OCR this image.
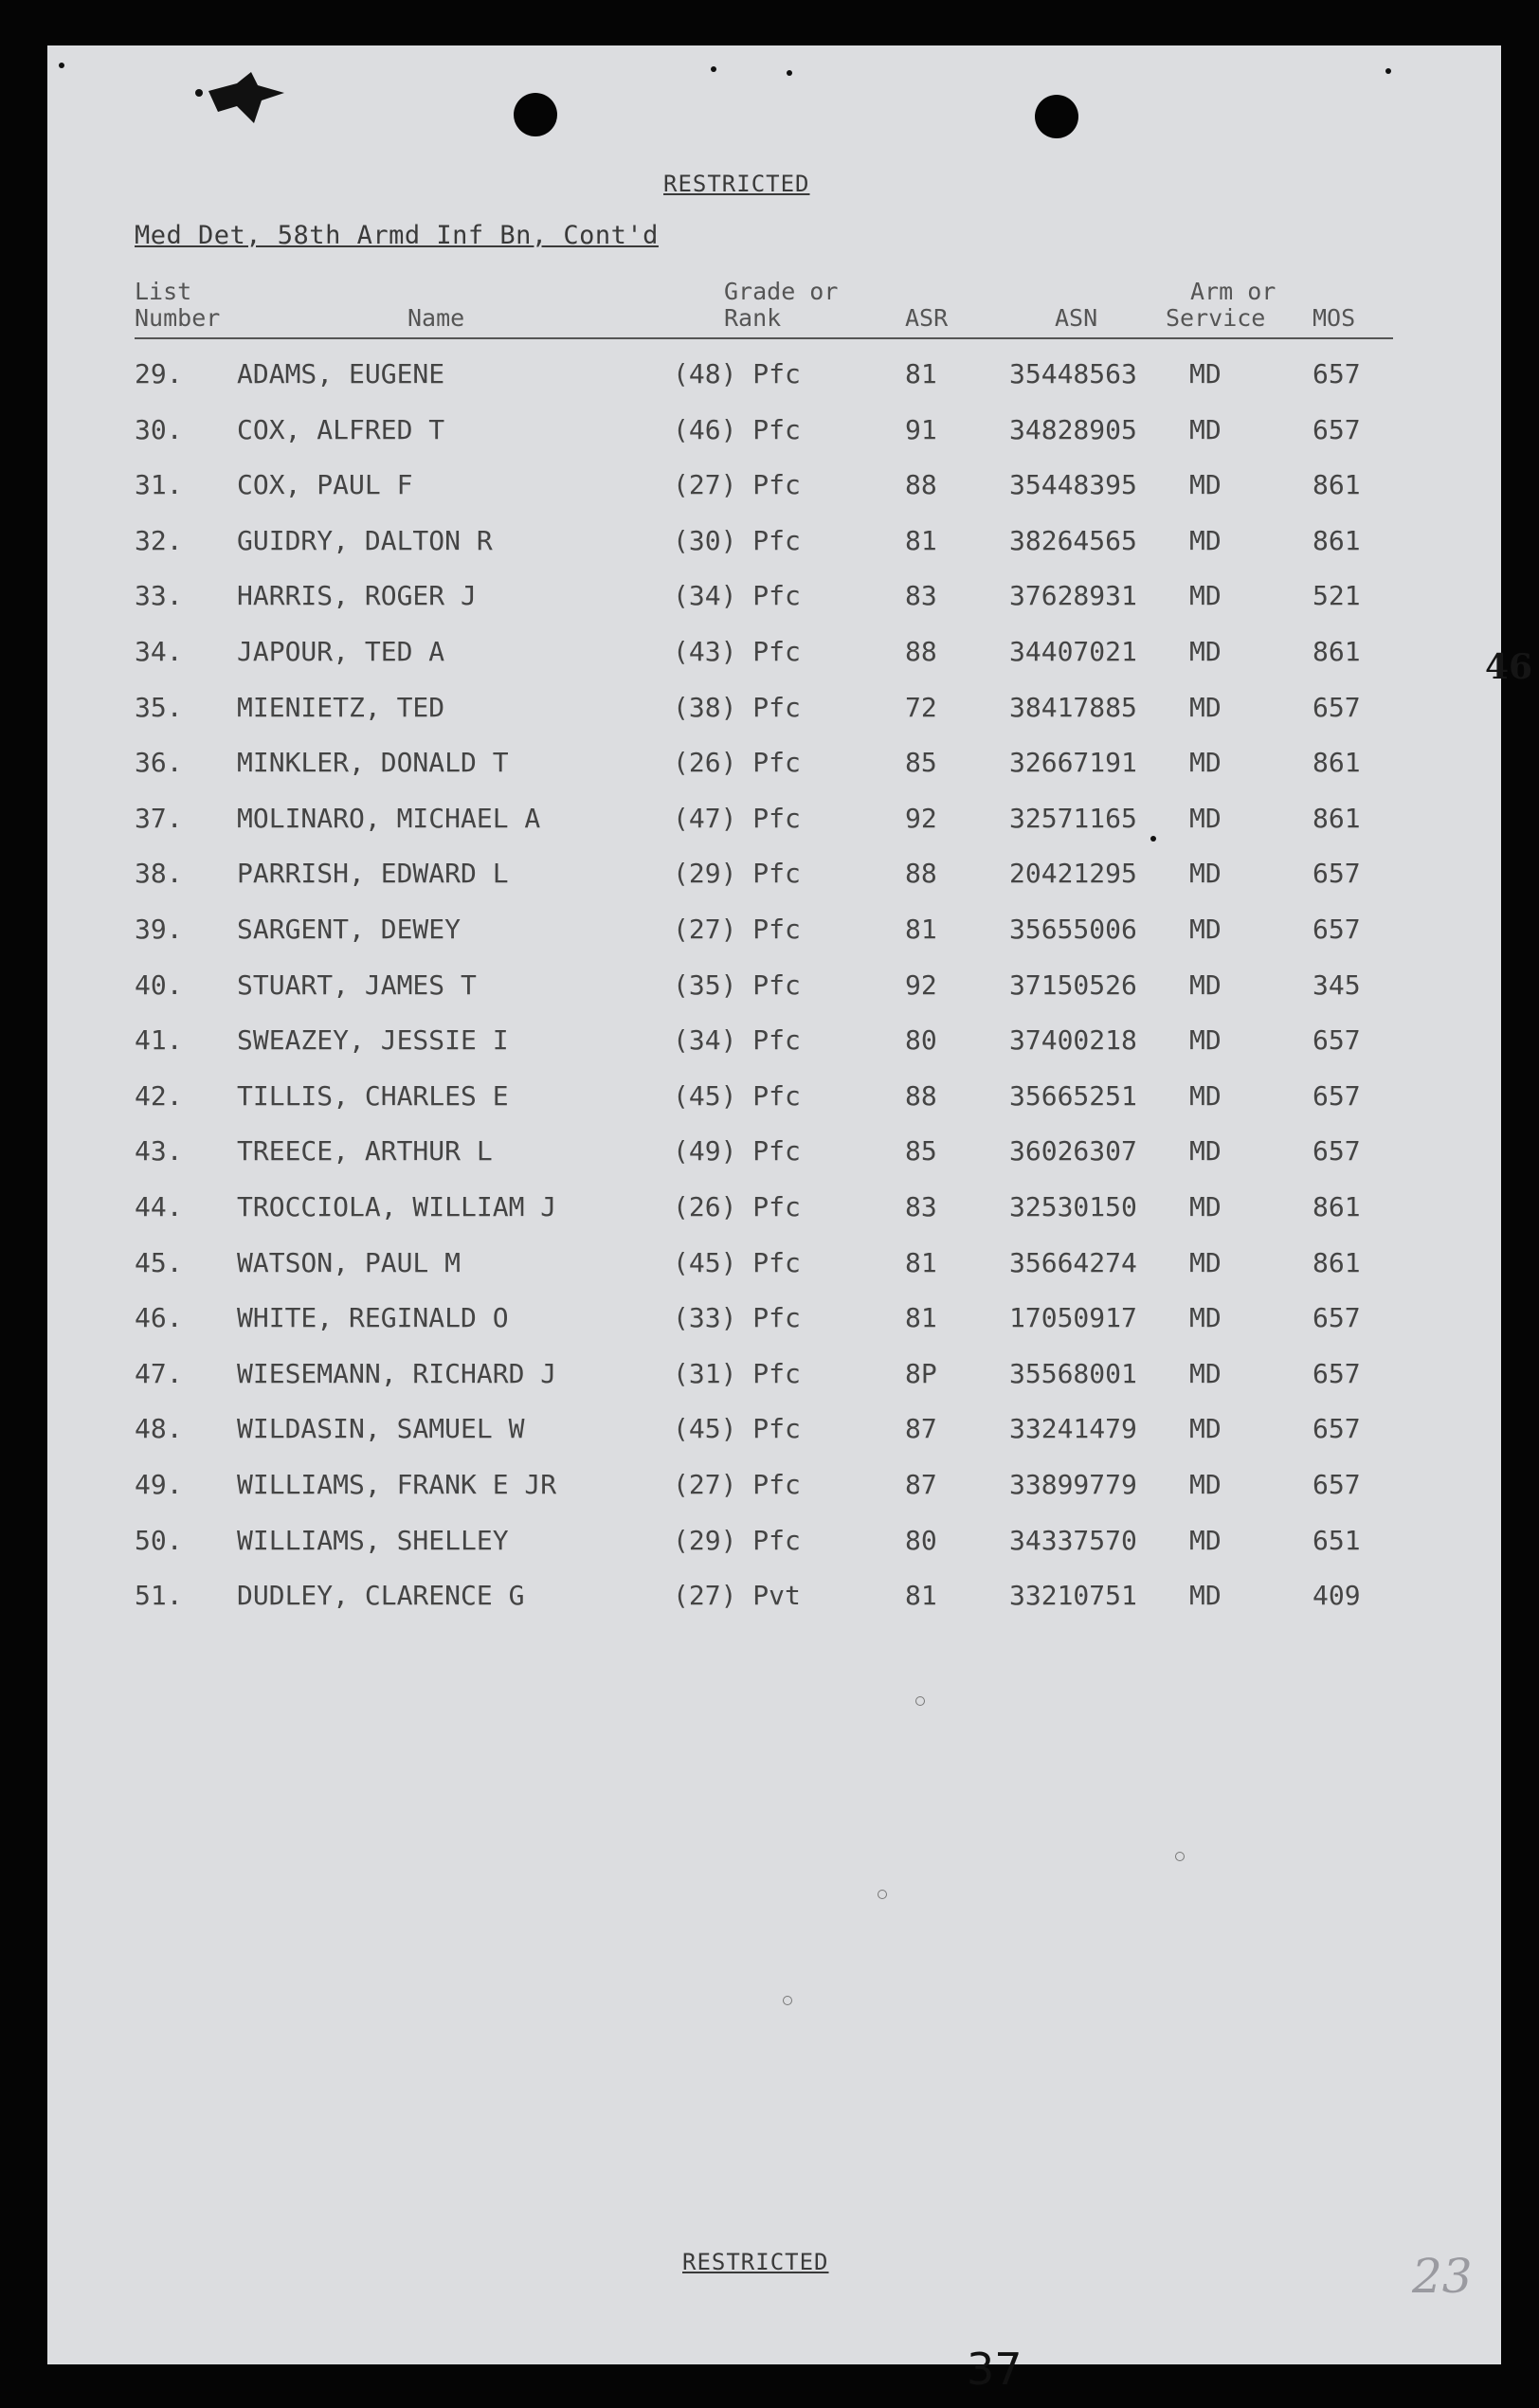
RESTRICTED
Med Det, 58th Armd Inf Bn, Cont'd
List
Number	Name
Grade or
Rank	ASR	ASN
Arm or
Service	MOS
29. ADAMS, EUGENE	(48) Pfc	81	35448563 MD	657
30. COX, ALFRED T	(46) Pfc	91	34828905 MD	657
31. COX, PAUL F	(27) Pfc	88	35448395 MD	861
32. GUIDRY, DALTON R	(30) Pfc	81	38264565 MD	861
33. HARRIS, ROGER J	(34) Pfc	83	37628931 MD	521
34. JAPOUR, TED A	(43) Pfc	88	34407021 MD	861
35. MIENIETZ, TED	(38) Pfc	72	38417885 MD	657
36. MINKLER, DONALD T	(26) Pfc	85	32667191 MD	861
37. MOLINARO, MICHAEL A	(47) Pfc	92	32571165 MD	861
38. PARRISH, EDWARD L	(29) Pfc	88	20421295 MD	657
39. SARGENT, DEWEY	(27) Pfc	81	35655006 MD	657
40. STUART, JAMES T	(35) Pfc	92	37150526 MD	345
41. SWEAZEY, JESSIE I	(34) Pfc	80	37400218 MD	657
42. TILLIS, CHARLES E	(45) Pfc	88	35665251 MD	657
43. TREECE, ARTHUR L	(49) Pfc	85	36026307 MD	657
44. TROCCIOLA, WILLIAM J	(26) Pfc	83	32530150 MD	861
45. WATSON, PAUL M	(45) Pfc	81	35664274 MD	861
46. WHITE, REGINALD O	(33) Pfc	81	17050917 MD	657
47. WIESEMANN, RICHARD J	(31) Pfc	8P	35568001 MD	657
48. WILDASIN, SAMUEL W	(45) Pfc	87	33241479 MD	657
49. WILLIAMS, FRANK E JR	(27) Pfc	87	33899779 MD	657
50. WILLIAMS, SHELLEY	(29) Pfc	80	34337570 MD	651
51. DUDLEY, CLARENCE G	(27) Pvt	81	33210751 MD	409
46
RESTRICTED
37
23
